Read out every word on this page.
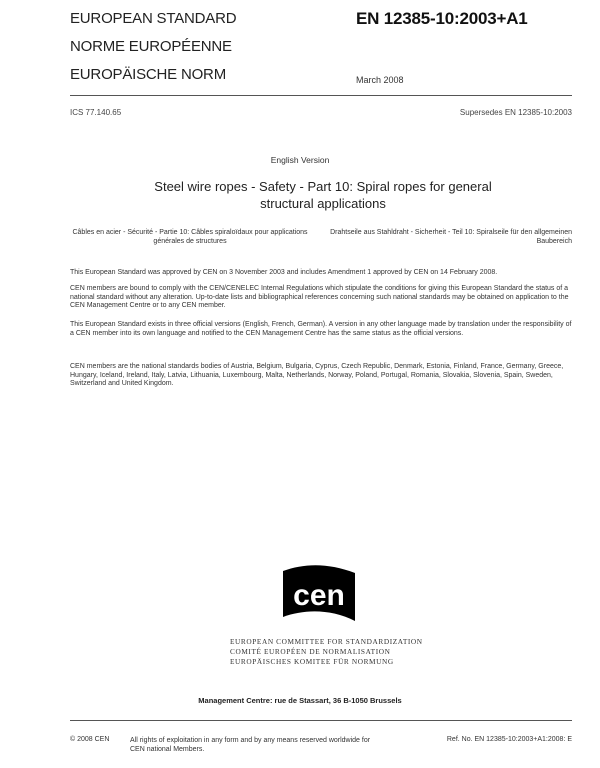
EUROPEAN STANDARD
NORME EUROPÉENNE
EUROPÄISCHE NORM
EN 12385-10:2003+A1
March 2008
ICS 77.140.65	Supersedes EN 12385-10:2003
English Version
Steel wire ropes - Safety - Part 10: Spiral ropes for general structural applications
Câbles en acier - Sécurité - Partie 10: Câbles spiraloïdaux pour applications générales de structures
Drahtseile aus Stahldraht - Sicherheit - Teil 10: Spiralseile für den allgemeinen Baubereich
This European Standard was approved by CEN on 3 November 2003 and includes Amendment 1 approved by CEN on 14 February 2008.
CEN members are bound to comply with the CEN/CENELEC Internal Regulations which stipulate the conditions for giving this European Standard the status of a national standard without any alteration. Up-to-date lists and bibliographical references concerning such national standards may be obtained on application to the CEN Management Centre or to any CEN member.
This European Standard exists in three official versions (English, French, German). A version in any other language made by translation under the responsibility of a CEN member into its own language and notified to the CEN Management Centre has the same status as the official versions.
CEN members are the national standards bodies of Austria, Belgium, Bulgaria, Cyprus, Czech Republic, Denmark, Estonia, Finland, France, Germany, Greece, Hungary, Iceland, Ireland, Italy, Latvia, Lithuania, Luxembourg, Malta, Netherlands, Norway, Poland, Portugal, Romania, Slovakia, Slovenia, Spain, Sweden, Switzerland and United Kingdom.
cen
EUROPEAN COMMITTEE FOR STANDARDIZATION
COMITÉ EUROPÉEN DE NORMALISATION
EUROPÄISCHES KOMITEE FÜR NORMUNG
Management Centre: rue de Stassart, 36 B-1050 Brussels
© 2008 CEN	All rights of exploitation in any form and by any means reserved worldwide for CEN national Members.
Ref. No. EN 12385-10:2003+A1:2008: E
